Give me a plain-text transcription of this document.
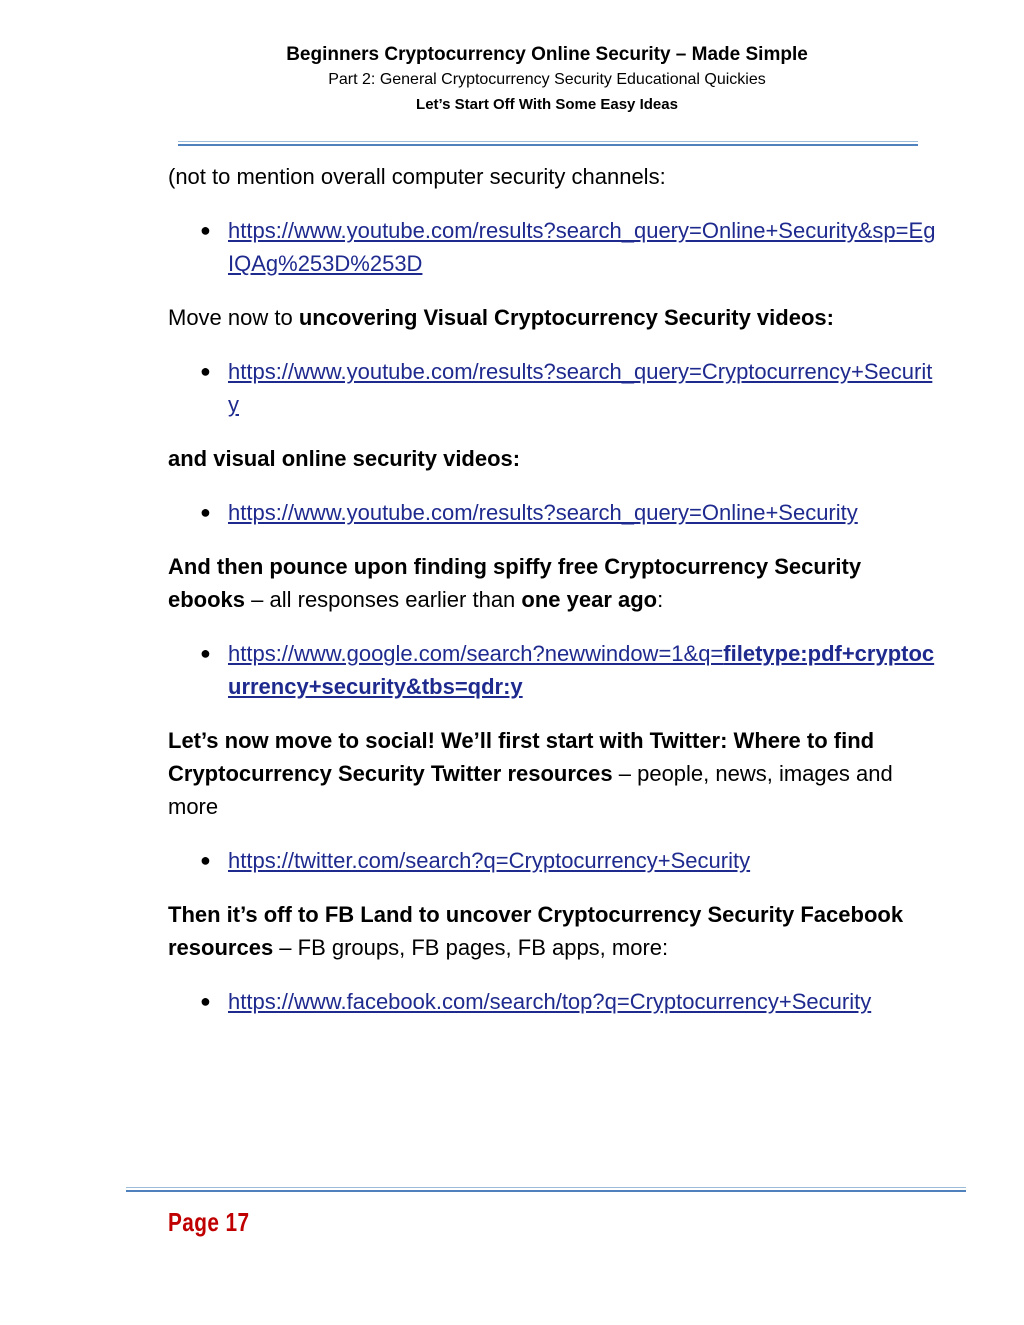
Beginners Cryptocurrency Online Security – Made Simple
Part 2: General Cryptocurrency Security Educational Quickies
Let’s Start Off With Some Easy Ideas

(not to mention overall computer security channels:

● https://www.youtube.com/results?search_query=Online+Security&sp=EgIQAg%253D%253D

Move now to uncovering Visual Cryptocurrency Security videos:

● https://www.youtube.com/results?search_query=Cryptocurrency+Security

and visual online security videos:

● https://www.youtube.com/results?search_query=Online+Security

And then pounce upon finding spiffy free Cryptocurrency Security ebooks – all responses earlier than one year ago:

● https://www.google.com/search?newwindow=1&q=filetype:pdf+cryptocurrency+security&tbs=qdr:y

Let’s now move to social! We’ll first start with Twitter: Where to find Cryptocurrency Security Twitter resources – people, news, images and more

● https://twitter.com/search?q=Cryptocurrency+Security

Then it’s off to FB Land to uncover Cryptocurrency Security Facebook resources – FB groups, FB pages, FB apps, more:

● https://www.facebook.com/search/top?q=Cryptocurrency+Security
Page 17
